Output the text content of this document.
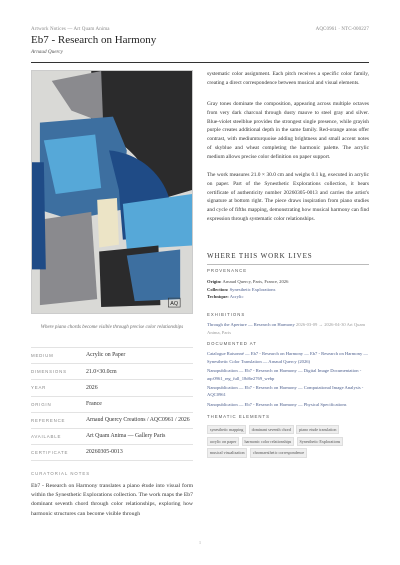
Artwork Notices — Art Quam Anima	AQC0961 · NTC-000227
Eb7 - Research on Harmony
Arnaud Quercy
AQ
Where piano chords become visible through precise color relationships
MEDIUM	Acrylic on Paper
DIMENSIONS	21.0×30.0cm
YEAR	2026
ORIGIN	France
REFERENCE	Arnaud Quercy Creations / AQC0961 / 2026
AVAILABLE	Art Quam Anima — Gallery Paris
CERTIFICATE	20260305-0013
CURATORIAL NOTES
Eb7 - Research on Harmony translates a piano étude into visual form within the Synesthetic Explorations collection. The work maps the Eb7 dominant seventh chord through color relationships, exploring how harmonic structures can become visible through

systematic color assignment. Each pitch receives a specific color family, creating a direct correspondence between musical and visual elements.

Gray tones dominate the composition, appearing across multiple octaves from very dark charcoal through dusty mauve to steel gray and silver. Blue-violet steelblue provides the strongest single presence, while grayish purple creates additional depth in the same family. Red-orange areas offer contrast, with mediumturquoise adding brightness and small accent notes of skyblue and wheat completing the harmonic palette. The acrylic medium allows precise color definition on paper support.

The work measures 21.0 × 30.0 cm and weighs 0.1 kg, executed in acrylic on paper. Part of the Synesthetic Explorations collection, it bears certificate of authenticity number 20260305-0013 and carries the artist's signature at bottom right. The piece draws inspiration from piano studies and cycle of fifths mapping, demonstrating how musical harmony can find expression through systematic color relationships.

WHERE THIS WORK LIVES
PROVENANCE
Origin: Arnaud Quercy, Paris, France, 2026
Collection: Synesthetic Explorations
Technique: Acrylic
EXHIBITIONS
Through the Aperture — Research on Harmony 2026-03-09 → 2026-04-30 Art Quam Anima, Paris
DOCUMENTED AT
Catalogue Raisonné — Eb7 - Research on Harmony — Eb7 - Research on Harmony — Synesthetic Color Translation — Arnaud Quercy (2026)
Nanopublication — Eb7 - Research on Harmony — Digital Image Documentation - aqc0961_reg_full_18d6e2769_webp
Nanopublication — Eb7 - Research on Harmony — Computational Image Analysis - AQC0961
Nanopublication — Eb7 - Research on Harmony — Physical Specifications
THEMATIC ELEMENTS
synesthetic mapping	dominant seventh chord	piano etude translation
acrylic on paper	harmonic color relationships	Synesthetic Explorations
musical visualization	chromaesthetic correspondence
1
